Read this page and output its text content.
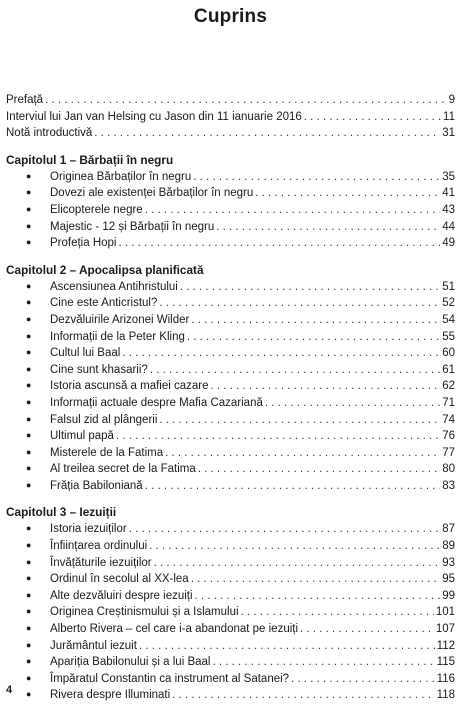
Cuprins
Prefață . . .	9
Interviul lui Jan van Helsing cu Jason din 11 ianuarie 2016 . . .	11
Notă introductivă . . .	31
Capitolul 1 – Bărbații în negru
●	Originea Bărbaților în negru . . .	35
●	Dovezi ale existenței Bărbaților în negru . . .	41
●	Elicopterele negre . . .	43
●	Majestic - 12 și Bărbații în negru . . .	44
●	Profeția Hopi . . .	49
Capitolul 2 – Apocalipsa planificată
●	Ascensiunea Antihristului . . .	51
●	Cine este Anticristul? . . .	52
●	Dezvăluirile Arizonei Wilder . . .	54
●	Informații de la Peter Kling . . .	55
●	Cultul lui Baal . . .	60
●	Cine sunt khasarii? . . .	61
●	Istoria ascunsă a mafiei cazare . . .	62
●	Informații actuale despre Mafia Cazariană . . .	71
●	Falsul zid al plângerii . . .	74
●	Ultimul papă . . .	76
●	Misterele de la Fatima . . .	77
●	Al treilea secret de la Fatima . . .	80
●	Frăția Babiloniană . . .	83
Capitolul 3 – Iezuiții
●	Istoria iezuiților . . .	87
●	Înființarea ordinului . . .	89
●	Învățăturile iezuiților . . .	93
●	Ordinul în secolul al XX-lea . . .	95
●	Alte dezvăluiri despre iezuiți . . .	99
●	Originea Creștinismului și a Islamului . . .	101
●	Alberto Rivera – cel care i-a abandonat pe iezuiți . . .	107
●	Jurământul iezuit . . .	112
●	Apariția Babilonului și a lui Baal . . .	115
●	Împăratul Constantin ca instrument al Satanei? . . .	116
●	Rivera despre Illuminati . . .	118
4
